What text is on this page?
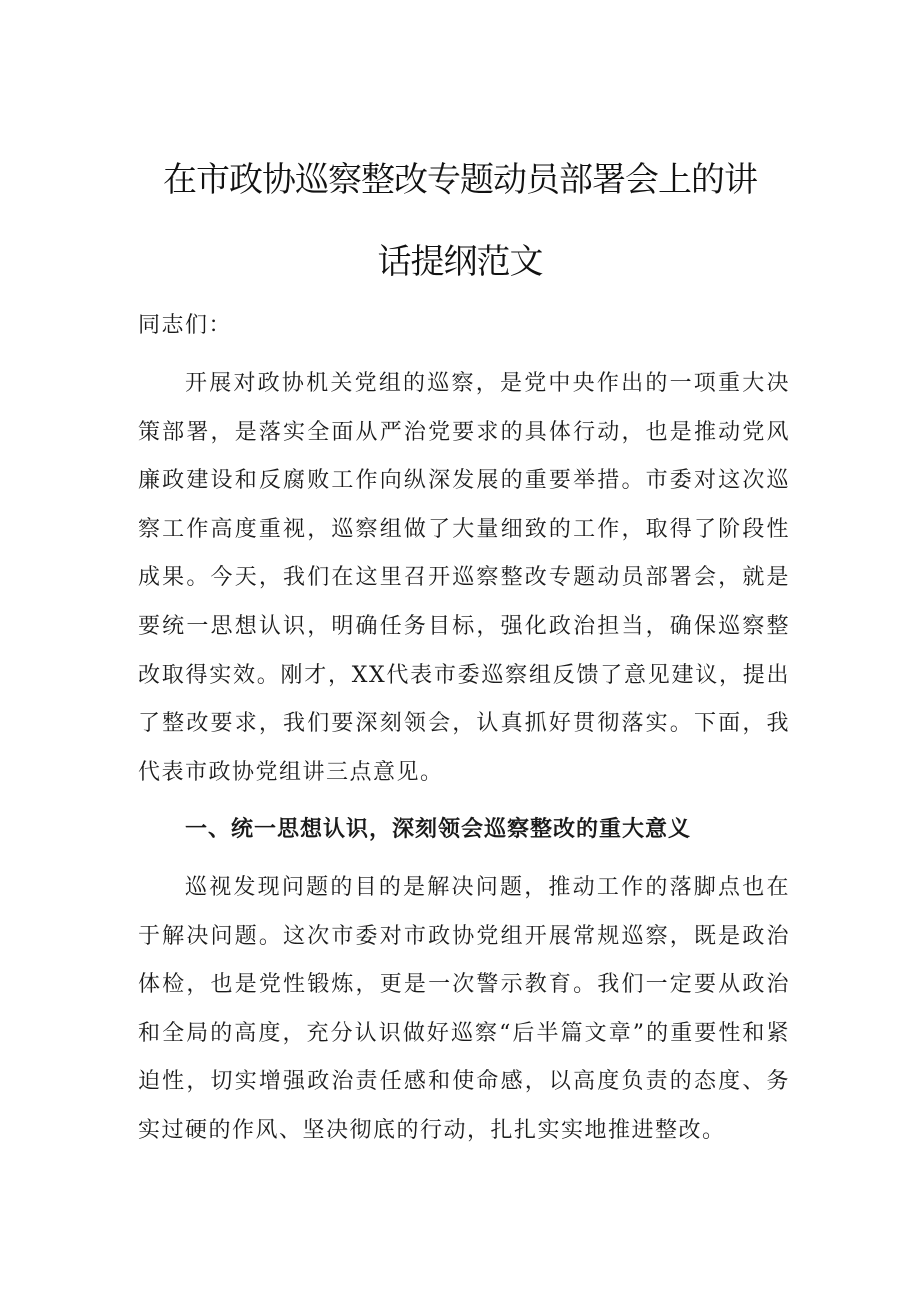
在市政协巡察整改专题动员部署会上的讲
话提纲范文

同志们：

开展对政协机关党组的巡察，是党中央作出的一项重大决策部署，是落实全面从严治党要求的具体行动，也是推动党风廉政建设和反腐败工作向纵深发展的重要举措。市委对这次巡察工作高度重视，巡察组做了大量细致的工作，取得了阶段性成果。今天，我们在这里召开巡察整改专题动员部署会，就是要统一思想认识，明确任务目标，强化政治担当，确保巡察整改取得实效。刚才，XX代表市委巡察组反馈了意见建议，提出了整改要求，我们要深刻领会，认真抓好贯彻落实。下面，我代表市政协党组讲三点意见。

一、统一思想认识，深刻领会巡察整改的重大意义

巡视发现问题的目的是解决问题，推动工作的落脚点也在于解决问题。这次市委对市政协党组开展常规巡察，既是政治体检，也是党性锻炼，更是一次警示教育。我们一定要从政治和全局的高度，充分认识做好巡察“后半篇文章”的重要性和紧迫性，切实增强政治责任感和使命感，以高度负责的态度、务实过硬的作风、坚决彻底的行动，扎扎实实地推进整改。
